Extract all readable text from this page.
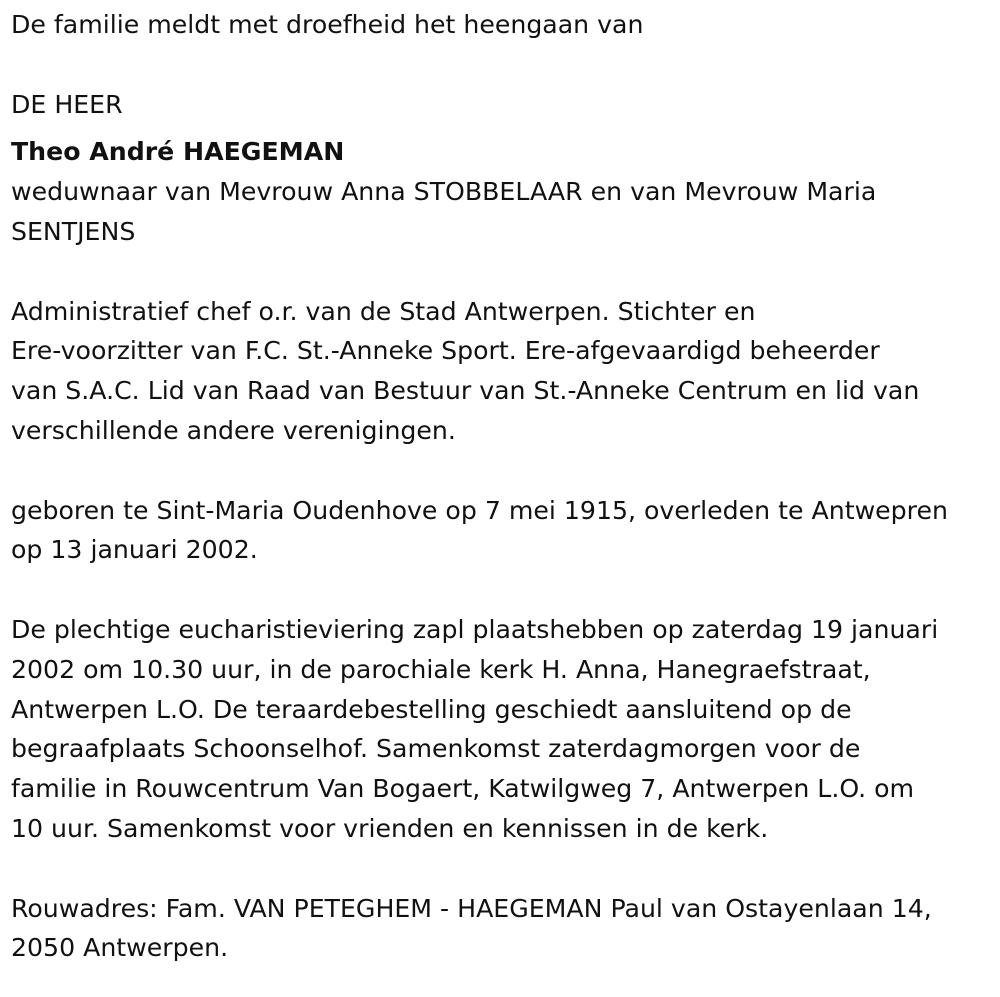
De familie meldt met droefheid het heengaan van

DE HEER

Theo André HAEGEMAN

weduwnaar van Mevrouw Anna STOBBELAAR en van Mevrouw Maria

SENTJENS

Administratief chef o.r. van de Stad Antwerpen. Stichter en

Ere-voorzitter van F.C. St.-Anneke Sport. Ere-afgevaardigd beheerder

van S.A.C. Lid van Raad van Bestuur van St.-Anneke Centrum en lid van

verschillende andere verenigingen.

geboren te Sint-Maria Oudenhove op 7 mei 1915, overleden te Antwepren

op 13 januari 2002.

De plechtige eucharistieviering zapl plaatshebben op zaterdag 19 januari

2002 om 10.30 uur, in de parochiale kerk H. Anna, Hanegraefstraat,

Antwerpen L.O. De teraardebestelling geschiedt aansluitend op de

begraafplaats Schoonselhof. Samenkomst zaterdagmorgen voor de

familie in Rouwcentrum Van Bogaert, Katwilgweg 7, Antwerpen L.O. om

10 uur. Samenkomst voor vrienden en kennissen in de kerk.

Rouwadres: Fam. VAN PETEGHEM - HAEGEMAN Paul van Ostayenlaan 14,

2050 Antwerpen.
